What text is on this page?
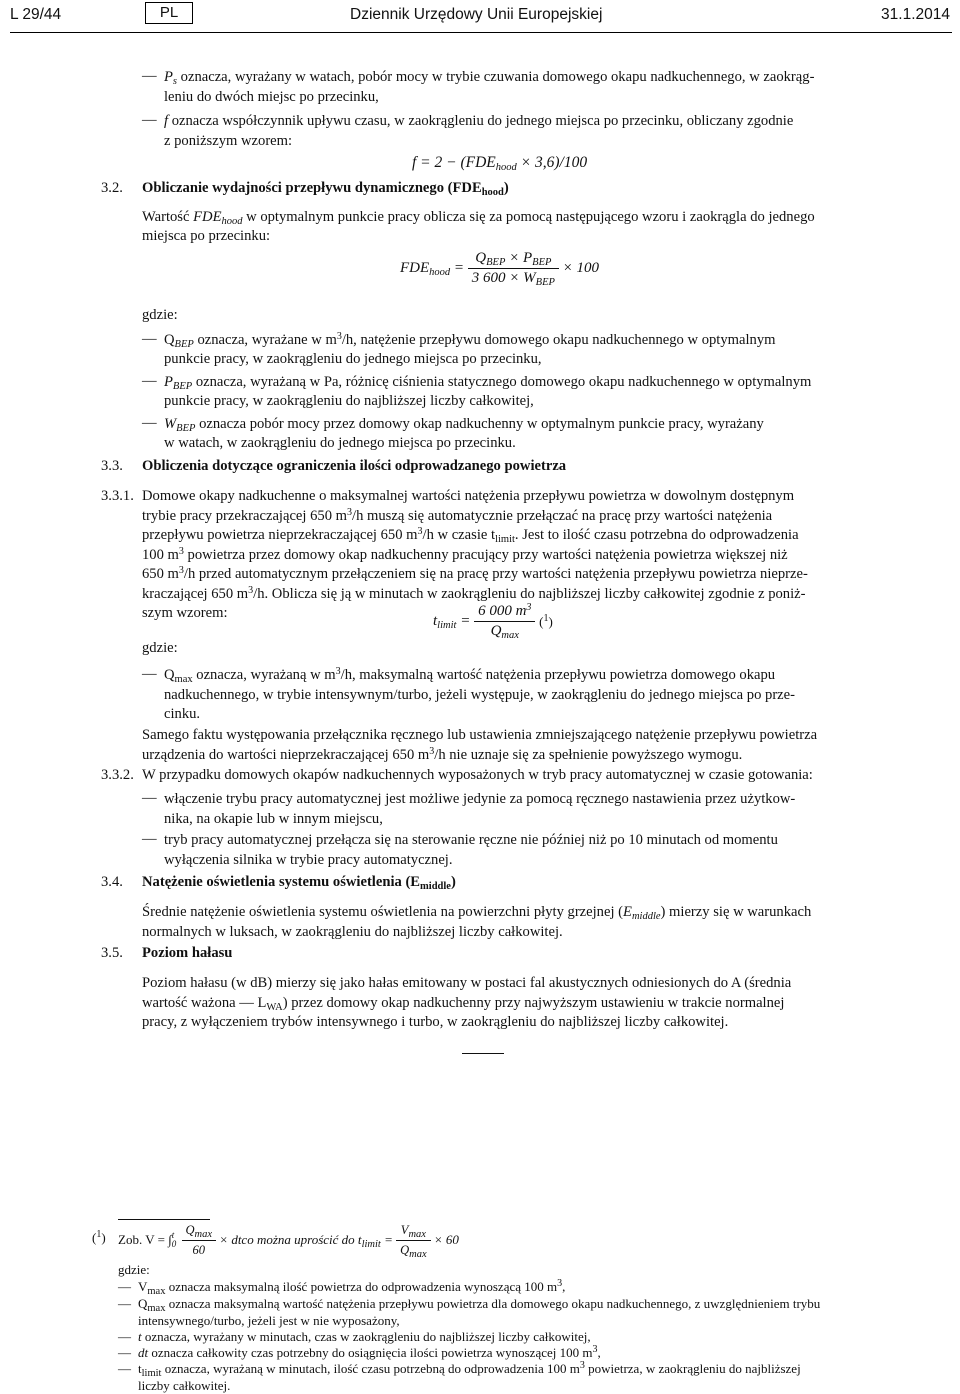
L 29/44	PL	Dziennik Urzędowy Unii Europejskiej	31.1.2014
— $P_s$ oznacza, wyrażany w watach, pobór mocy w trybie czuwania domowego okapu nadkuchennego, w zaokrąg-
leniu do dwóch miejsc po przecinku,
— f oznacza współczynnik upływu czasu, w zaokrągleniu do jednego miejsca po przecinku, obliczany zgodnie
z poniższym wzorem:
$f = 2 - (FDE_{hood} \times 3,6)/100$
3.2. Obliczanie wydajności przepływu dynamicznego $(FDE_{hood})$
Wartość $FDE_{hood}$ w optymalnym punkcie pracy oblicza się za pomocą następującego wzoru i zaokrągla do jednego
miejsca po przecinku:
$FDE_{hood} = \frac{Q_{BEP} \times P_{BEP}}{3 600 \times W_{BEP}} \times 100$
gdzie:
— $Q_{BEP}$ oznacza, wyrażane w $m^3/h$, natężenie przepływu domowego okapu nadkuchennego w optymalnym
punkcie pracy, w zaokrągleniu do jednego miejsca po przecinku,
— $P_{BEP}$ oznacza, wyrażaną w Pa, różnicę ciśnienia statycznego domowego okapu nadkuchennego w optymalnym
punkcie pracy, w zaokrągleniu do najbliższej liczby całkowitej,
— $W_{BEP}$ oznacza pobór mocy przez domowy okap nadkuchenny w optymalnym punkcie pracy, wyrażany
w watach, w zaokrągleniu do jednego miejsca po przecinku.
3.3. Obliczenia dotyczące ograniczenia ilości odprowadzanego powietrza
3.3.1. Domowe okapy nadkuchenne o maksymalnej wartości natężenia przepływu powietrza w dowolnym dostępnym
trybie pracy przekraczającej 650 $m^3/h$ muszą się automatycznie przełączać na pracę przy wartości natężenia
przepływu powietrza nieprzekraczającej 650 $m^3/h$ w czasie $t_{limit}$. Jest to ilość czasu potrzebna do odprowadzenia
100 $m^3$ powietrza przez domowy okap nadkuchenny pracujący przy wartości natężenia powietrza większej niż
650 $m^3/h$ przed automatycznym przełączeniem się na pracę przy wartości natężenia przepływu powietrza nieprze-
kraczającej 650 $m^3/h$. Oblicza się ją w minutach w zaokrągleniu do najbliższej liczby całkowitej zgodnie z poniż-
szym wzorem:	$t_{limit} = \frac{6 000 m^3}{Q_{max}} (^1)$
gdzie:
— $Q_{max}$ oznacza, wyrażaną w $m^3/h$, maksymalną wartość natężenia przepływu powietrza domowego okapu
nadkuchennego, w trybie intensywnym/turbo, jeżeli występuje, w zaokrągleniu do jednego miejsca po prze-
cinku.
Samego faktu występowania przełącznika ręcznego lub ustawienia zmniejszającego natężenie przepływu powietrza
urządzenia do wartości nieprzekraczającej 650 $m^3/h$ nie uznaje się za spełnienie powyższego wymogu.
3.3.2. W przypadku domowych okapów nadkuchennych wyposażonych w tryb pracy automatycznej w czasie gotowania:
— włączenie trybu pracy automatycznej jest możliwe jedynie za pomocą ręcznego nastawienia przez użytkow-
nika, na okapie lub w innym miejscu,
— tryb pracy automatycznej przełącza się na sterowanie ręczne nie później niż po 10 minutach od momentu
wyłączenia silnika w trybie pracy automatycznej.
3.4. Natężenie oświetlenia systemu oświetlenia $(E_{middle})$
Średnie natężenie oświetlenia systemu oświetlenia na powierzchni płyty grzejnej $(E_{middle})$ mierzy się w warunkach
normalnych w luksach, w zaokrągleniu do najbliższej liczby całkowitej.
3.5. Poziom hałasu
Poziom hałasu (w dB) mierzy się jako hałas emitowany w postaci fal akustycznych odniesionych do A (średnia
wartość ważona — $L_{WA}$) przez domowy okap nadkuchenny przy najwyższym ustawieniu w trakcie normalnej
pracy, z wyłączeniem trybów intensywnego i turbo, w zaokrągleniu do najbliższej liczby całkowitej.
($^1$) Zob. V = ∫ t
0
$\frac{Q_{max}}{60}$ × dtco można uprościć do $t_{limit} = \frac{V_{max}}{Q_{max}} \times 60$
gdzie:
— $V_{max}$ oznacza maksymalną ilość powietrza do odprowadzenia wynoszącą 100 $m^3$,
— $Q_{max}$ oznacza maksymalną wartość natężenia przepływu powietrza dla domowego okapu nadkuchennego, z uwzględnieniem trybu
intensywnego/turbo, jeżeli jest w nie wyposażony,
— t oznacza, wyrażany w minutach, czas w zaokrągleniu do najbliższej liczby całkowitej,
— dt oznacza całkowity czas potrzebny do osiągnięcia ilości powietrza wynoszącej 100 $m^3$,
— $t_{limit}$ oznacza, wyrażaną w minutach, ilość czasu potrzebną do odprowadzenia 100 $m^3$ powietrza, w zaokrągleniu do najbliższej
liczby całkowitej.
